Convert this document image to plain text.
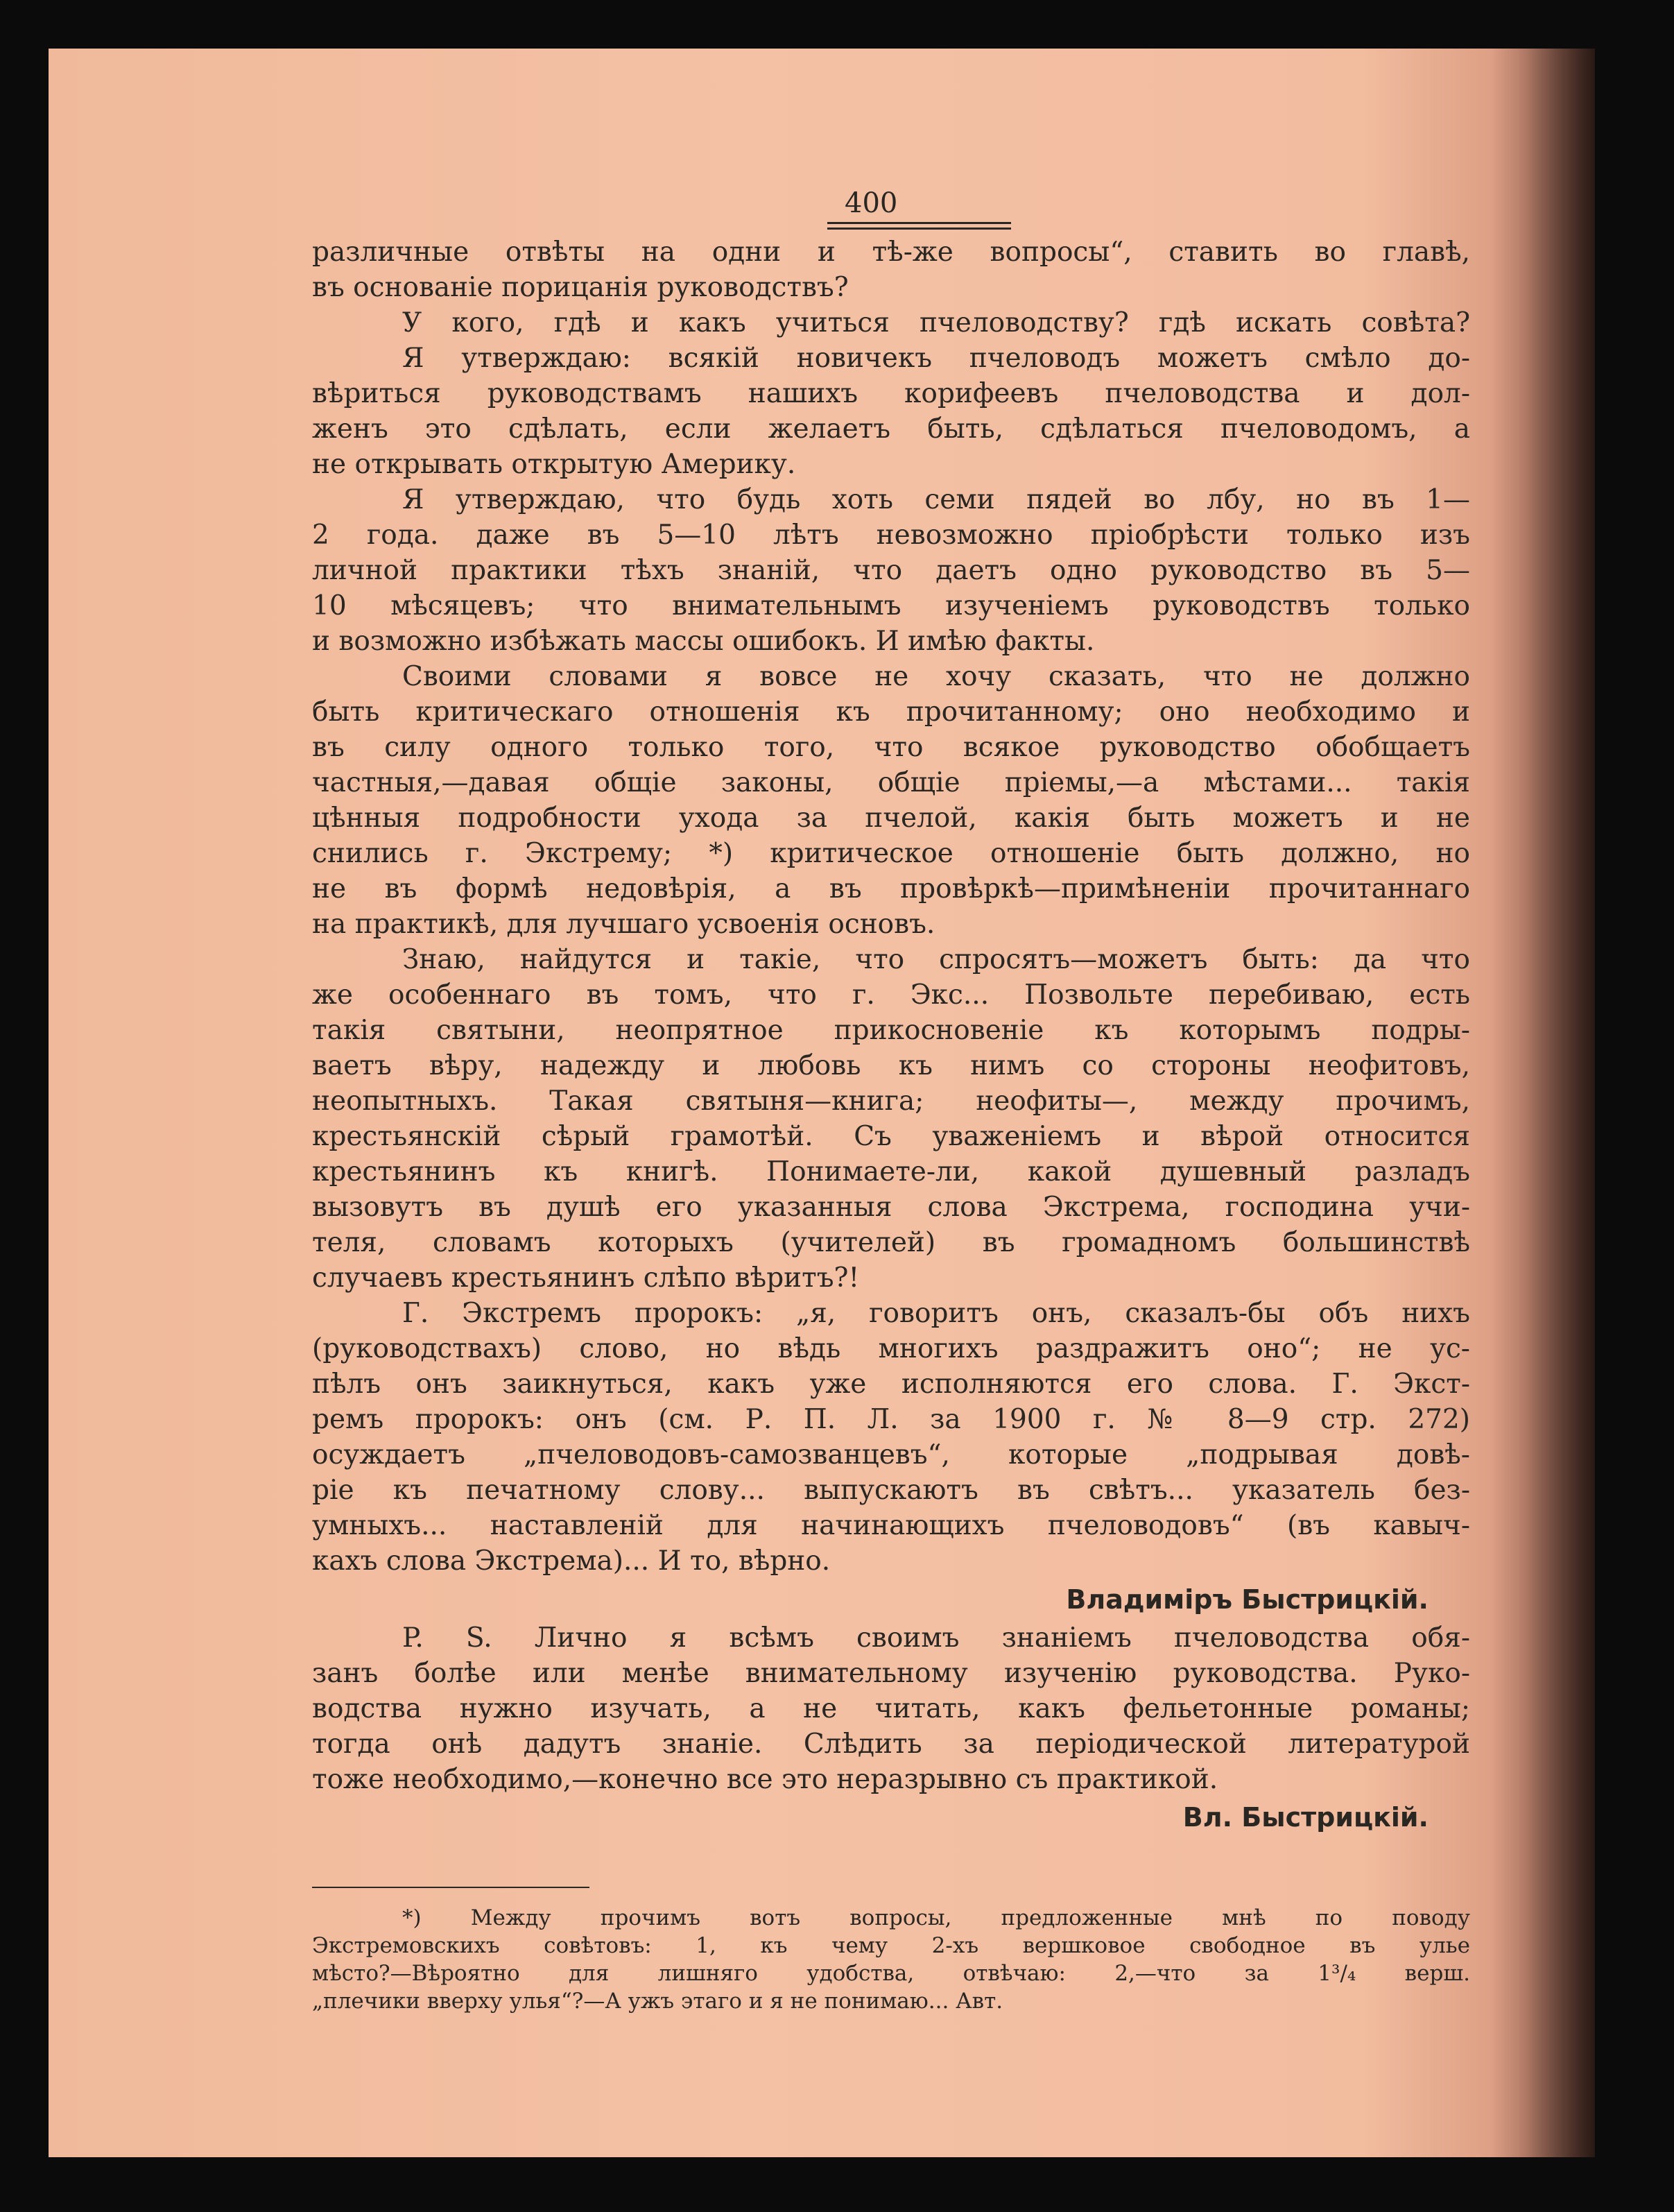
400
различные отвѣты на одни и тѣ-же вопросы“, ставить во главѣ,
въ основаніе порицанія руководствъ?
У кого, гдѣ и какъ учиться пчеловодству? гдѣ искать совѣта?
Я утверждаю: всякій новичекъ пчеловодъ можетъ смѣло до-
вѣриться руководствамъ нашихъ корифеевъ пчеловодства и дол-
женъ это сдѣлать, если желаетъ быть, сдѣлаться пчеловодомъ, а
не открывать открытую Америку.
Я утверждаю, что будь хоть семи пядей во лбу, но въ 1—
2 года. даже въ 5—10 лѣтъ невозможно пріобрѣсти только изъ
личной практики тѣхъ знаній, что даетъ одно руководство въ 5—
10 мѣсяцевъ; что внимательнымъ изученіемъ руководствъ только
и возможно избѣжать массы ошибокъ. И имѣю факты.
Своими словами я вовсе не хочу сказать, что не должно
быть критическаго отношенія къ прочитанному; оно необходимо и
въ силу одного только того, что всякое руководство обобщаетъ
частныя,—давая общіе законы, общіе пріемы,—а мѣстами... такія
цѣнныя подробности ухода за пчелой, какія быть можетъ и не
снились г. Экстрему; *) критическое отношеніе быть должно, но
не въ формѣ недовѣрія, а въ провѣркѣ—примѣненіи прочитаннаго
на практикѣ, для лучшаго усвоенія основъ.
Знаю, найдутся и такіе, что спросятъ—можетъ быть: да что
же особеннаго въ томъ, что г. Экс... Позвольте перебиваю, есть
такія святыни, неопрятное прикосновеніе къ которымъ подры-
ваетъ вѣру, надежду и любовь къ нимъ со стороны неофитовъ,
неопытныхъ. Такая святыня—книга; неофиты—, между прочимъ,
крестьянскій сѣрый грамотѣй. Съ уваженіемъ и вѣрой относится
крестьянинъ къ книгѣ. Понимаете-ли, какой душевный разладъ
вызовутъ въ душѣ его указанныя слова Экстрема, господина учи-
теля, словамъ которыхъ (учителей) въ громадномъ большинствѣ
случаевъ крестьянинъ слѣпо вѣритъ?!
Г. Экстремъ пророкъ: „я, говоритъ онъ, сказалъ-бы объ нихъ
(руководствахъ) слово, но вѣдь многихъ раздражитъ оно“; не ус-
пѣлъ онъ заикнуться, какъ уже исполняются его слова. Г. Экст-
ремъ пророкъ: онъ (см. Р. П. Л. за 1900 г. № 8—9 стр. 272)
осуждаетъ „пчеловодовъ-самозванцевъ“, которые „подрывая довѣ-
ріе къ печатному слову... выпускаютъ въ свѣтъ... указатель без-
умныхъ... наставленій для начинающихъ пчеловодовъ“ (въ кавыч-
кахъ слова Экстрема)... И то, вѣрно.
Владиміръ Быстрицкій.
P. S. Лично я всѣмъ своимъ знаніемъ пчеловодства обя-
занъ болѣе или менѣе внимательному изученію руководства. Руко-
водства нужно изучать, а не читать, какъ фельетонные романы;
тогда онѣ дадутъ знаніе. Слѣдить за періодической литературой
тоже необходимо,—конечно все это неразрывно съ практикой.
Вл. Быстрицкій.
*) Между прочимъ вотъ вопросы, предложенные мнѣ по поводу
Экстремовскихъ совѣтовъ: 1, къ чему 2-хъ вершковое свободное въ улье
мѣсто?—Вѣроятно для лишняго удобства, отвѣчаю: 2,—что за 1³/₄ верш.
„плечики вверху улья“?—А ужъ этаго и я не понимаю... Авт.
